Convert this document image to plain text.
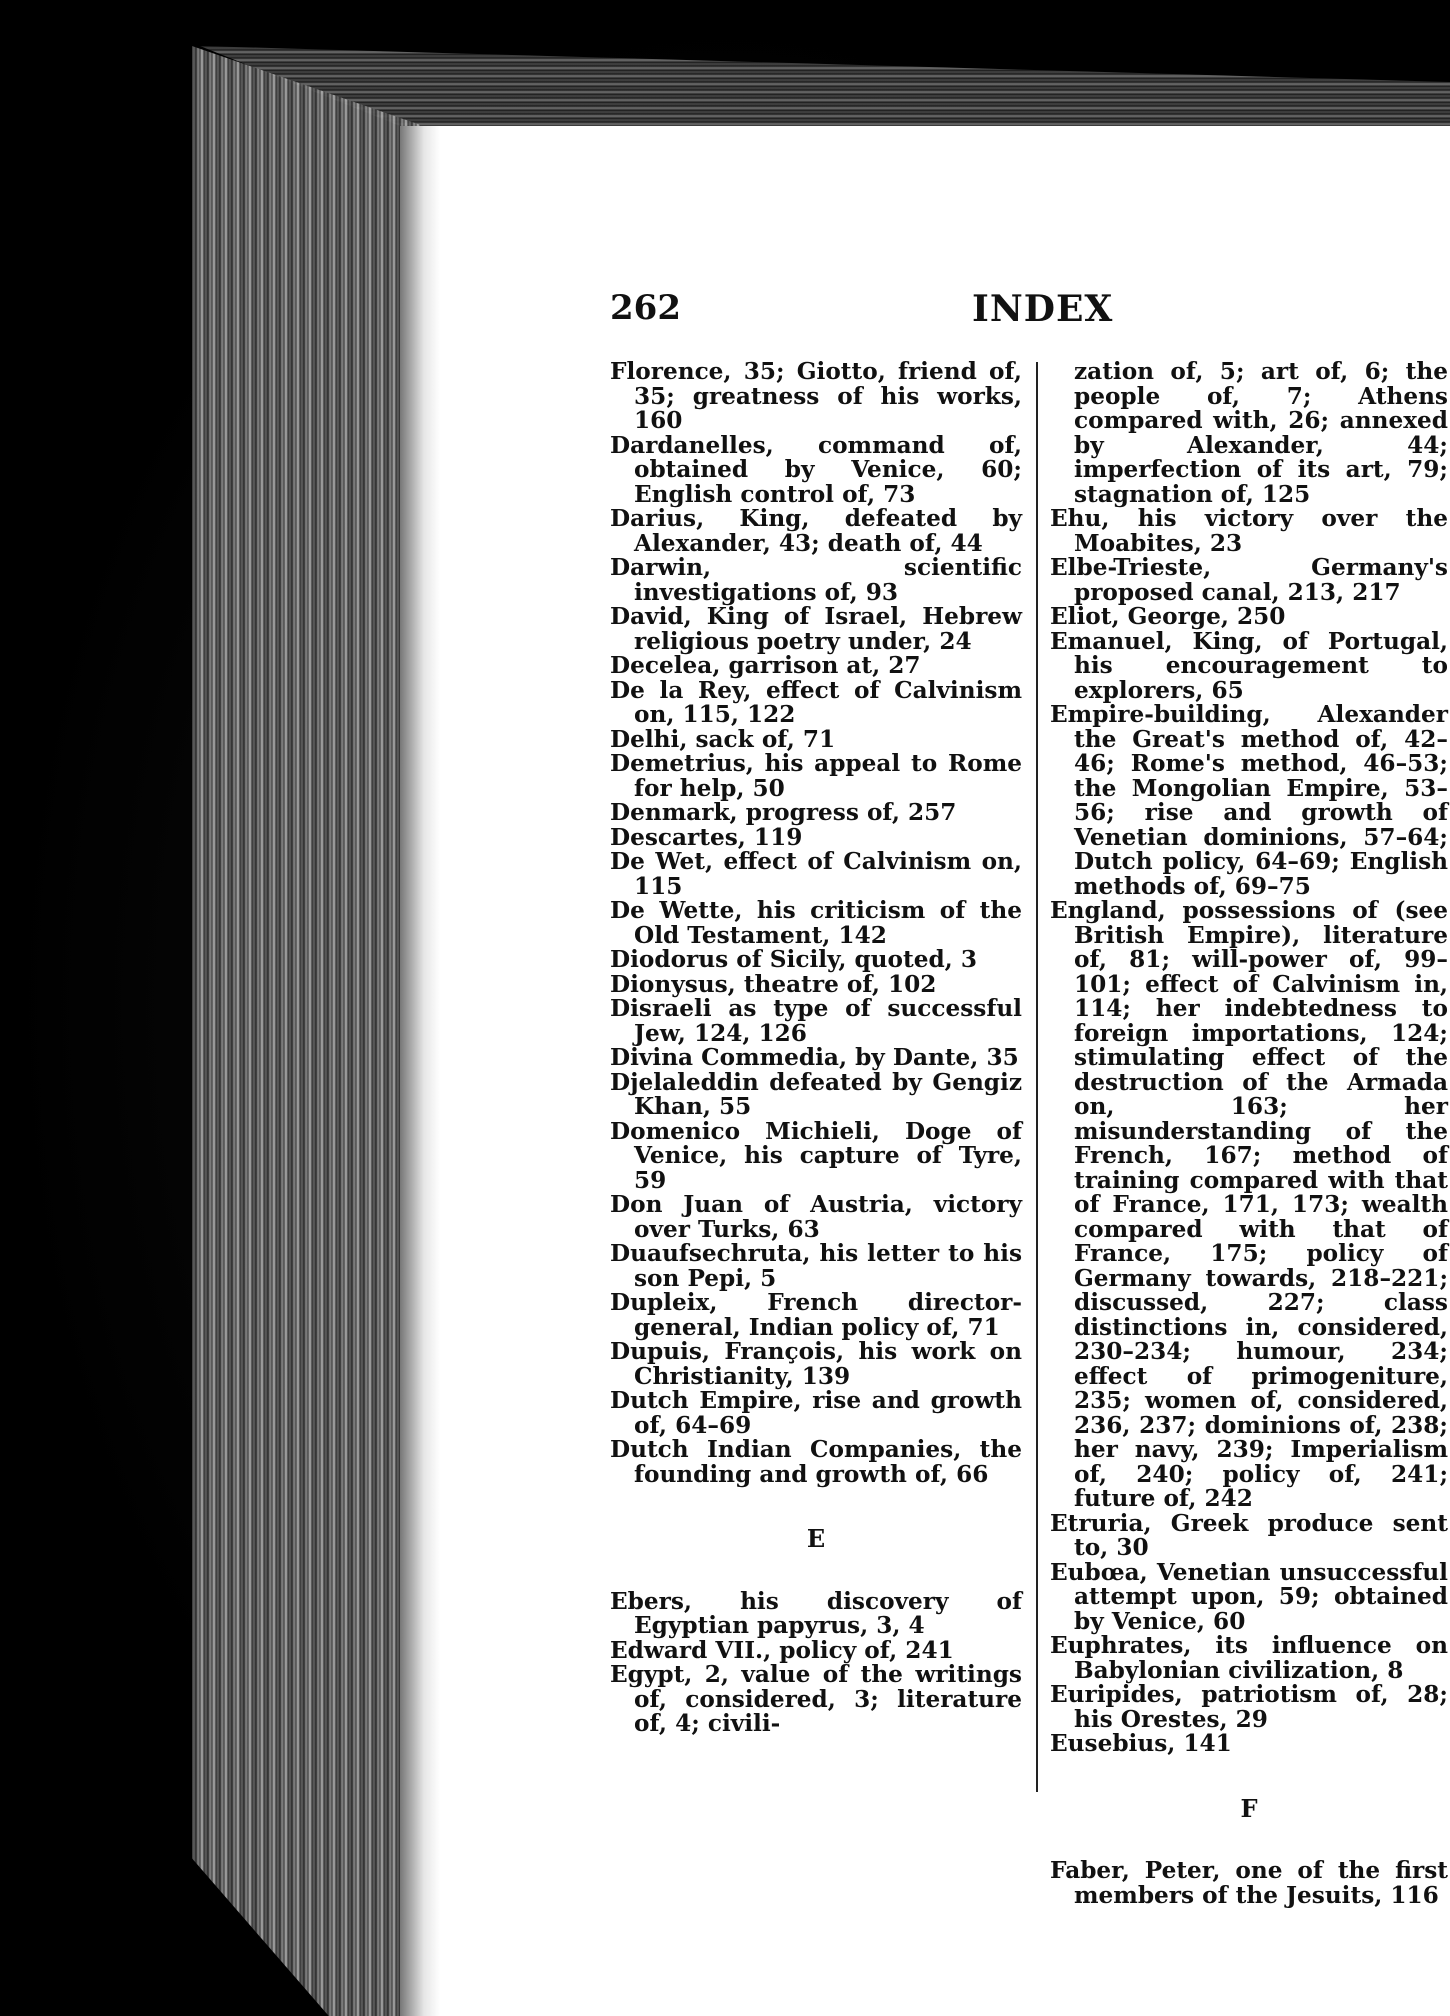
262	INDEX

Florence, 35; Giotto, friend of, 35; greatness of his works, 160

Dardanelles, command of, obtained by Venice, 60; English control of, 73

Darius, King, defeated by Alexander, 43; death of, 44

Darwin, scientific investigations of, 93

David, King of Israel, Hebrew religious poetry under, 24

Decelea, garrison at, 27

De la Rey, effect of Calvinism on, 115, 122

Delhi, sack of, 71

Demetrius, his appeal to Rome for help, 50

Denmark, progress of, 257

Descartes, 119

De Wet, effect of Calvinism on, 115

De Wette, his criticism of the Old Testament, 142

Diodorus of Sicily, quoted, 3

Dionysus, theatre of, 102

Disraeli as type of successful Jew, 124, 126

Divina Commedia, by Dante, 35

Djelaleddin defeated by Gengiz Khan, 55

Domenico Michieli, Doge of Venice, his capture of Tyre, 59

Don Juan of Austria, victory over Turks, 63

Duaufsechruta, his letter to his son Pepi, 5

Dupleix, French director-general, Indian policy of, 71

Dupuis, François, his work on Christianity, 139

Dutch Empire, rise and growth of, 64–69

Dutch Indian Companies, the founding and growth of, 66

E

Ebers, his discovery of Egyptian papyrus, 3, 4

Edward VII., policy of, 241

Egypt, 2, value of the writings of, considered, 3; literature of, 4; civili-

zation of, 5; art of, 6; the people of, 7; Athens compared with, 26; annexed by Alexander, 44; imperfection of its art, 79; stagnation of, 125

Ehu, his victory over the Moabites, 23

Elbe-Trieste, Germany's proposed canal, 213, 217

Eliot, George, 250

Emanuel, King, of Portugal, his encouragement to explorers, 65

Empire-building, Alexander the Great's method of, 42–46; Rome's method, 46–53; the Mongolian Empire, 53–56; rise and growth of Venetian dominions, 57–64; Dutch policy, 64–69; English methods of, 69–75

England, possessions of (see British Empire), literature of, 81; will-power of, 99–101; effect of Calvinism in, 114; her indebtedness to foreign importations, 124; stimulating effect of the destruction of the Armada on, 163; her misunderstanding of the French, 167; method of training compared with that of France, 171, 173; wealth compared with that of France, 175; policy of Germany towards, 218–221; discussed, 227; class distinctions in, considered, 230–234; humour, 234; effect of primogeniture, 235; women of, considered, 236, 237; dominions of, 238; her navy, 239; Imperialism of, 240; policy of, 241; future of, 242

Etruria, Greek produce sent to, 30

Eubœa, Venetian unsuccessful attempt upon, 59; obtained by Venice, 60

Euphrates, its influence on Babylonian civilization, 8

Euripides, patriotism of, 28; his Orestes, 29

Eusebius, 141

F

Faber, Peter, one of the first members of the Jesuits, 116
